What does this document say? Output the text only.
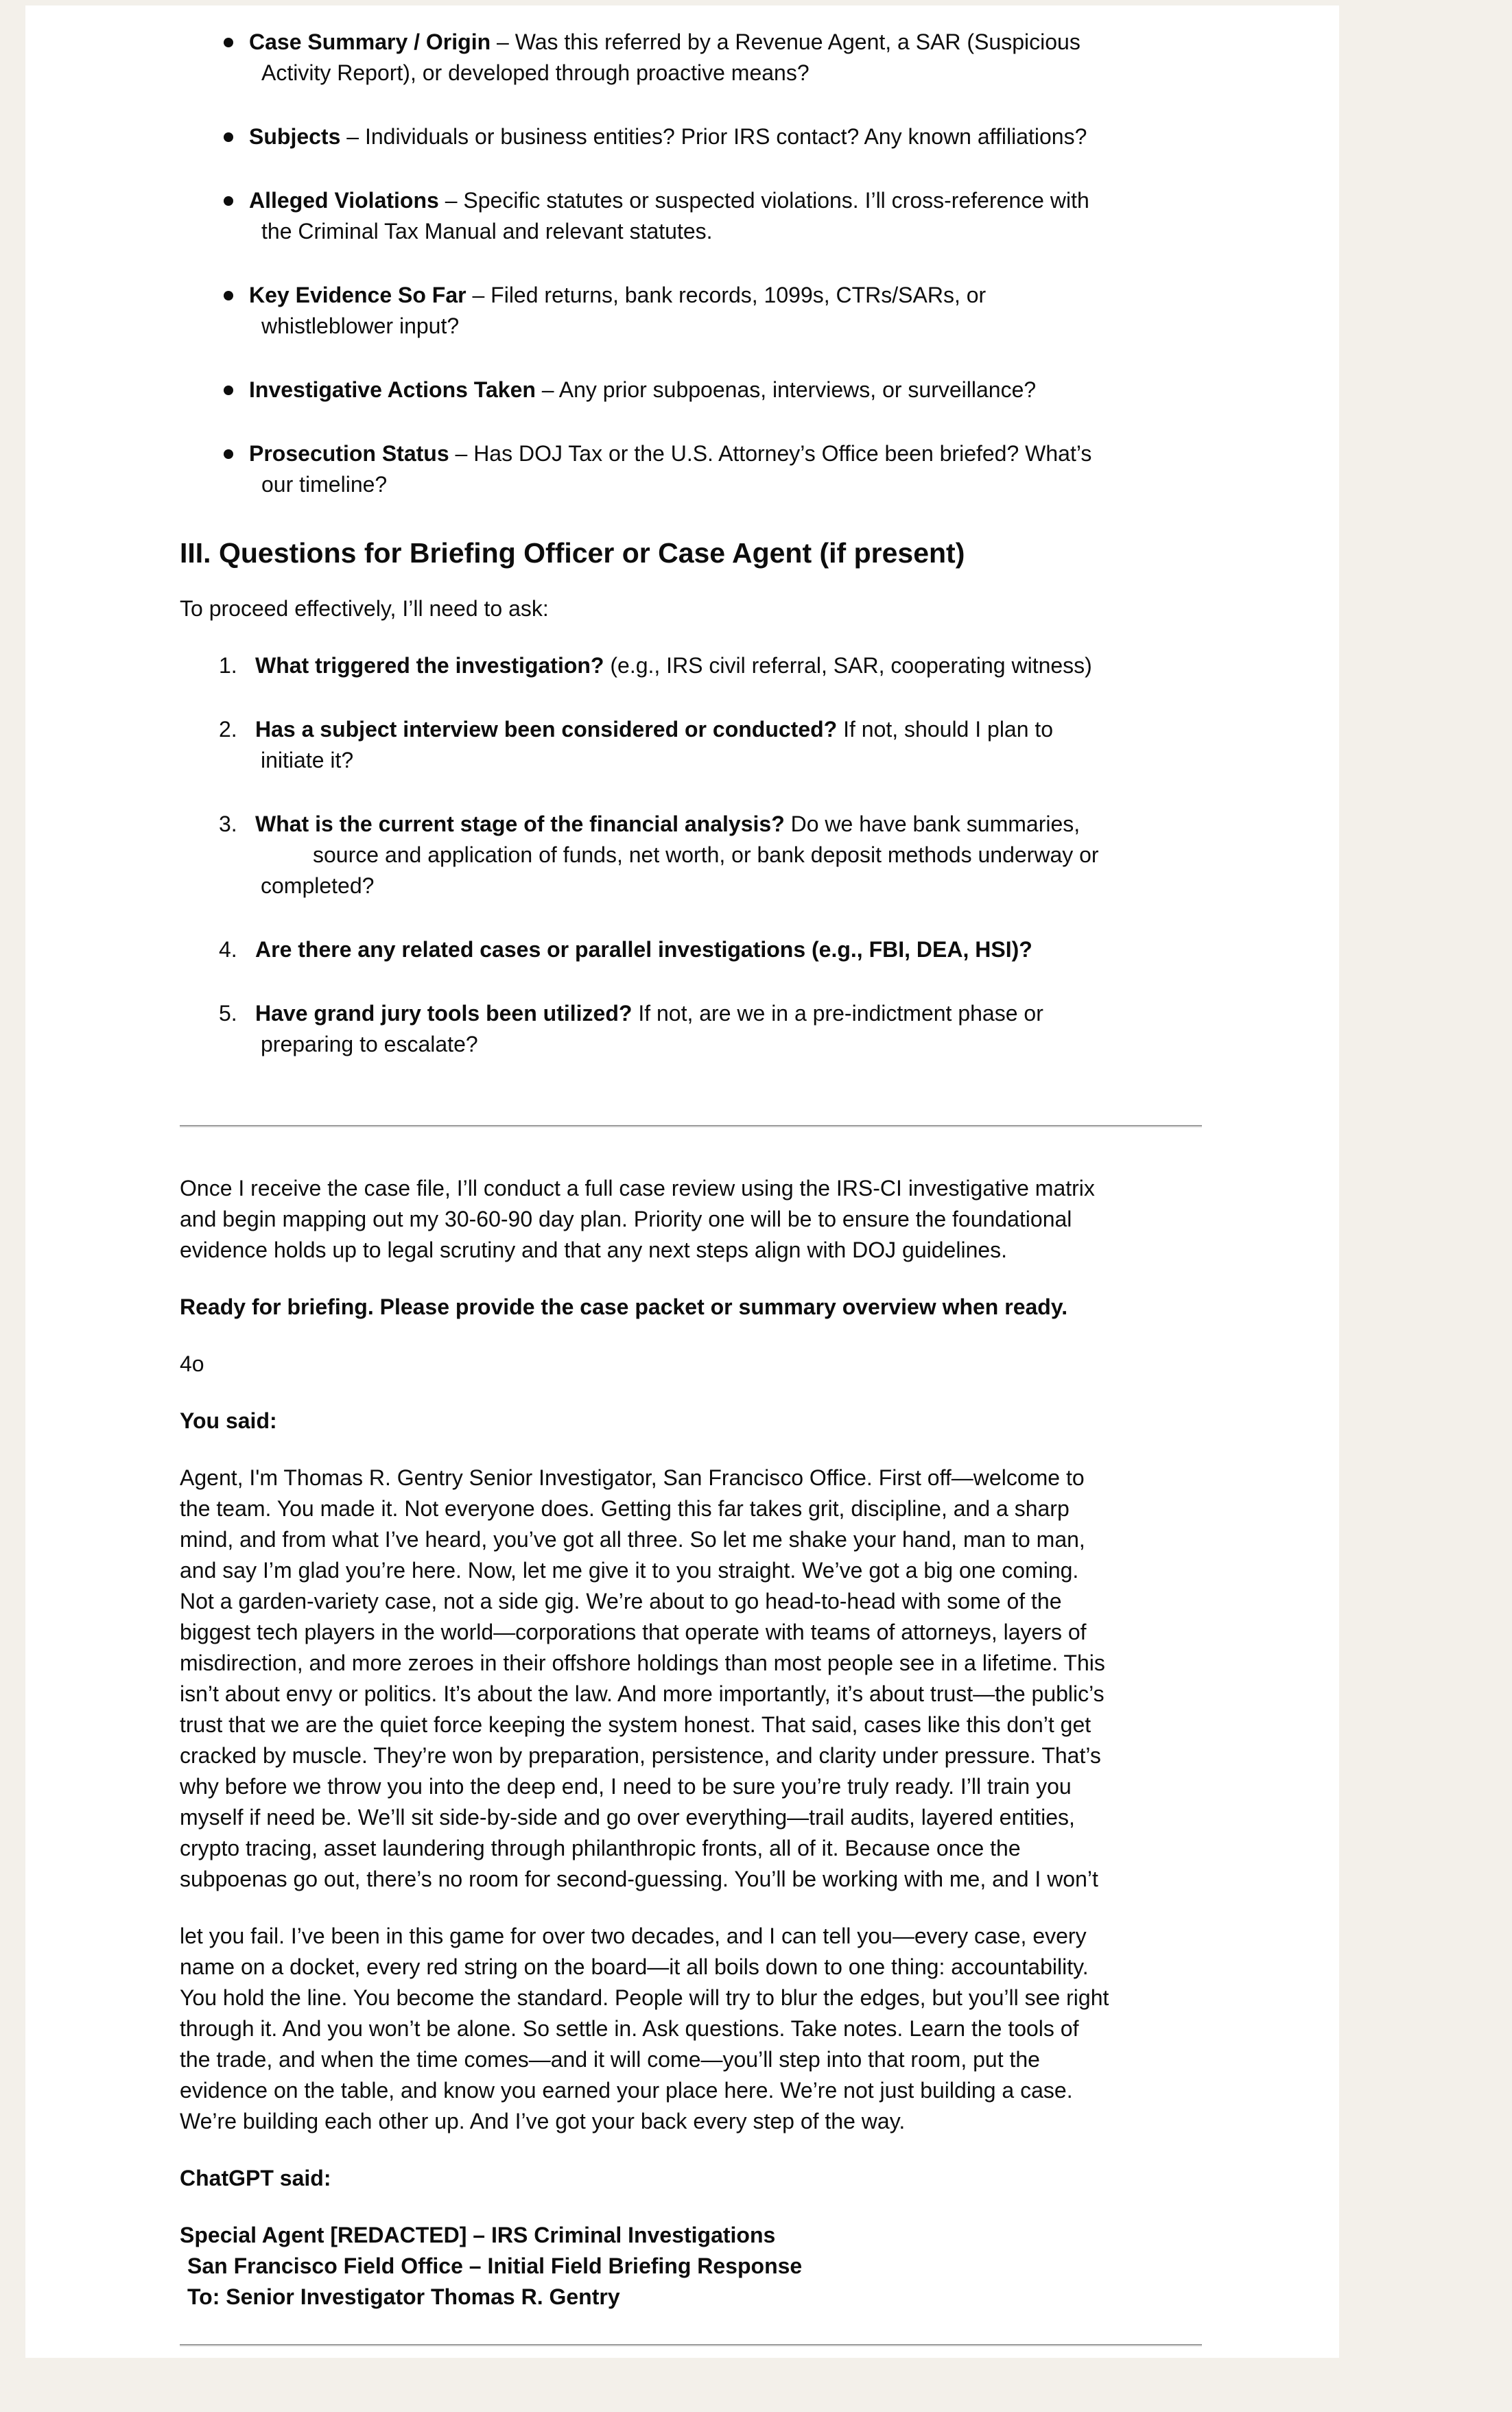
Case Summary / Origin – Was this referred by a Revenue Agent, a SAR (Suspicious
Activity Report), or developed through proactive means?
Subjects – Individuals or business entities? Prior IRS contact? Any known affiliations?
Alleged Violations – Specific statutes or suspected violations. I’ll cross-reference with
the Criminal Tax Manual and relevant statutes.
Key Evidence So Far – Filed returns, bank records, 1099s, CTRs/SARs, or
whistleblower input?
Investigative Actions Taken – Any prior subpoenas, interviews, or surveillance?
Prosecution Status – Has DOJ Tax or the U.S. Attorney’s Office been briefed? What’s
our timeline?
III. Questions for Briefing Officer or Case Agent (if present)
To proceed effectively, I’ll need to ask:
1. What triggered the investigation? (e.g., IRS civil referral, SAR, cooperating witness)
2. Has a subject interview been considered or conducted? If not, should I plan to
initiate it?
3. What is the current stage of the financial analysis? Do we have bank summaries,
source and application of funds, net worth, or bank deposit methods underway or
completed?
4. Are there any related cases or parallel investigations (e.g., FBI, DEA, HSI)?
5. Have grand jury tools been utilized? If not, are we in a pre-indictment phase or
preparing to escalate?
Once I receive the case file, I’ll conduct a full case review using the IRS-CI investigative matrix
and begin mapping out my 30-60-90 day plan. Priority one will be to ensure the foundational
evidence holds up to legal scrutiny and that any next steps align with DOJ guidelines.
Ready for briefing. Please provide the case packet or summary overview when ready.
4o
You said:
Agent, I'm Thomas R. Gentry Senior Investigator, San Francisco Office. First off—welcome to
the team. You made it. Not everyone does. Getting this far takes grit, discipline, and a sharp
mind, and from what I’ve heard, you’ve got all three. So let me shake your hand, man to man,
and say I’m glad you’re here. Now, let me give it to you straight. We’ve got a big one coming.
Not a garden-variety case, not a side gig. We’re about to go head-to-head with some of the
biggest tech players in the world—corporations that operate with teams of attorneys, layers of
misdirection, and more zeroes in their offshore holdings than most people see in a lifetime. This
isn’t about envy or politics. It’s about the law. And more importantly, it’s about trust—the public’s
trust that we are the quiet force keeping the system honest. That said, cases like this don’t get
cracked by muscle. They’re won by preparation, persistence, and clarity under pressure. That’s
why before we throw you into the deep end, I need to be sure you’re truly ready. I’ll train you
myself if need be. We’ll sit side-by-side and go over everything—trail audits, layered entities,
crypto tracing, asset laundering through philanthropic fronts, all of it. Because once the
subpoenas go out, there’s no room for second-guessing. You’ll be working with me, and I won’t
let you fail. I’ve been in this game for over two decades, and I can tell you—every case, every
name on a docket, every red string on the board—it all boils down to one thing: accountability.
You hold the line. You become the standard. People will try to blur the edges, but you’ll see right
through it. And you won’t be alone. So settle in. Ask questions. Take notes. Learn the tools of
the trade, and when the time comes—and it will come—you’ll step into that room, put the
evidence on the table, and know you earned your place here. We’re not just building a case.
We’re building each other up. And I’ve got your back every step of the way.
ChatGPT said:
Special Agent [REDACTED] – IRS Criminal Investigations
San Francisco Field Office – Initial Field Briefing Response
To: Senior Investigator Thomas R. Gentry
